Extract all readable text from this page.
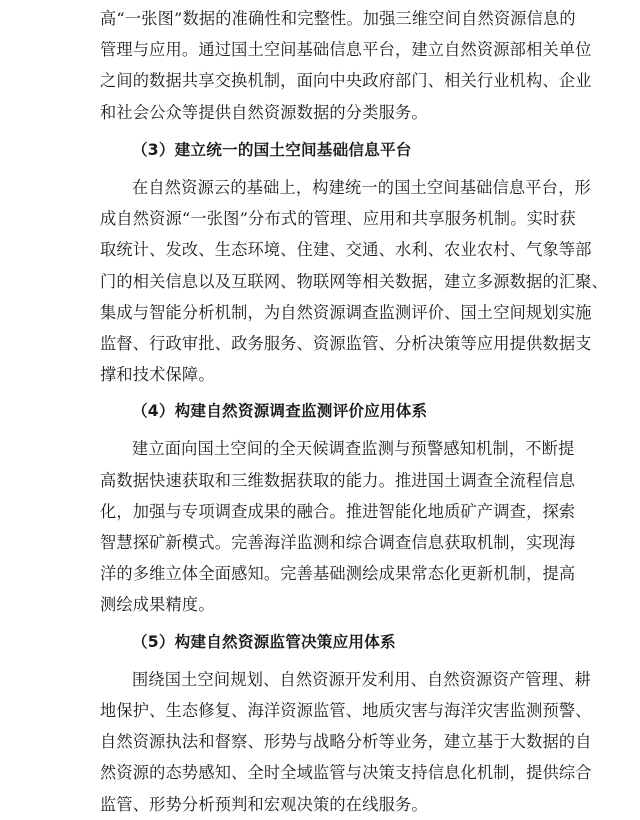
高“一张图”数据的准确性和完整性。加强三维空间自然资源信息的
管理与应用。通过国土空间基础信息平台，建立自然资源部相关单位
之间的数据共享交换机制，面向中央政府部门、相关行业机构、企业
和社会公众等提供自然资源数据的分类服务。
（3）建立统一的国土空间基础信息平台
在自然资源云的基础上，构建统一的国土空间基础信息平台，形
成自然资源“一张图”分布式的管理、应用和共享服务机制。实时获
取统计、发改、生态环境、住建、交通、水利、农业农村、气象等部
门的相关信息以及互联网、物联网等相关数据，建立多源数据的汇聚、
集成与智能分析机制，为自然资源调查监测评价、国土空间规划实施
监督、行政审批、政务服务、资源监管、分析决策等应用提供数据支
撑和技术保障。
（4）构建自然资源调查监测评价应用体系
建立面向国土空间的全天候调查监测与预警感知机制，不断提
高数据快速获取和三维数据获取的能力。推进国土调查全流程信息
化，加强与专项调查成果的融合。推进智能化地质矿产调查，探索
智慧探矿新模式。完善海洋监测和综合调查信息获取机制，实现海
洋的多维立体全面感知。完善基础测绘成果常态化更新机制，提高
测绘成果精度。
（5）构建自然资源监管决策应用体系
围绕国土空间规划、自然资源开发利用、自然资源资产管理、耕
地保护、生态修复、海洋资源监管、地质灾害与海洋灾害监测预警、
自然资源执法和督察、形势与战略分析等业务，建立基于大数据的自
然资源的态势感知、全时全域监管与决策支持信息化机制，提供综合
监管、形势分析预判和宏观决策的在线服务。
